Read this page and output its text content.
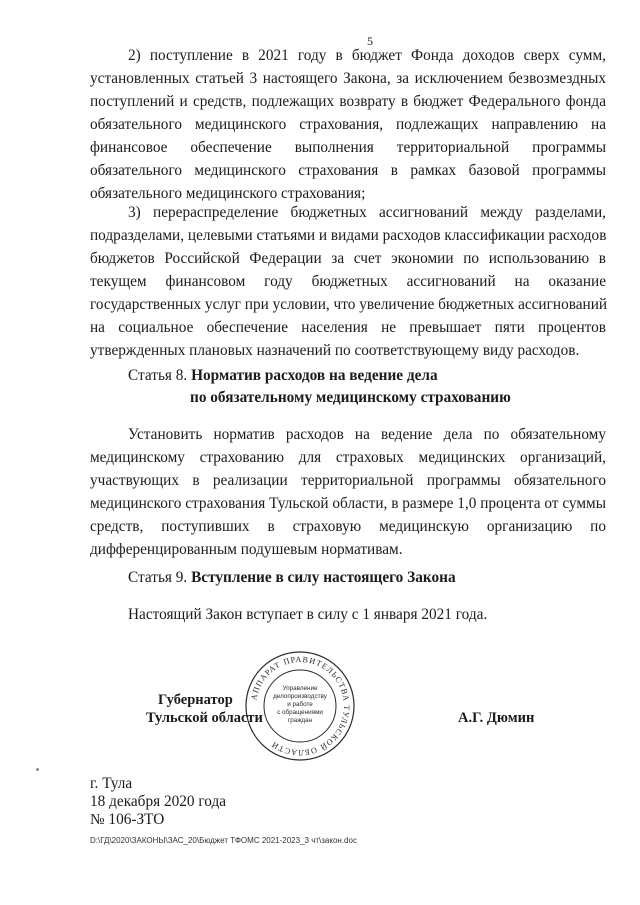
5
2) поступление в 2021 году в бюджет Фонда доходов сверх сумм,
установленных статьей 3 настоящего Закона, за исключением безвозмездных
поступлений и средств, подлежащих возврату в бюджет Федерального фонда
обязательного медицинского страхования, подлежащих направлению на
финансовое обеспечение выполнения территориальной программы
обязательного медицинского страхования в рамках базовой программы
обязательного медицинского страхования;
3) перераспределение бюджетных ассигнований между разделами,
подразделами, целевыми статьями и видами расходов классификации расходов
бюджетов Российской Федерации за счет экономии по использованию в
текущем финансовом году бюджетных ассигнований на оказание
государственных услуг при условии, что увеличение бюджетных ассигнований
на социальное обеспечение населения не превышает пяти процентов
утвержденных плановых назначений по соответствующему виду расходов.
Статья 8. Норматив расходов на ведение дела
по обязательному медицинскому страхованию
Установить норматив расходов на ведение дела по обязательному
медицинскому страхованию для страховых медицинских организаций,
участвующих в реализации территориальной программы обязательного
медицинского страхования Тульской области, в размере 1,0 процента от суммы
средств, поступивших в страховую медицинскую организацию по
дифференцированным подушевым нормативам.
Статья 9. Вступление в силу настоящего Закона
Настоящий Закон вступает в силу с 1 января 2021 года.
АППАРАТ ПРАВИТЕЛЬСТВА ТУЛЬСКОЙ ОБЛАСТИ
Управление
делопроизводству
и работе
с обращениями
граждан
Губернатор
Тульской области	А.Г. Дюмин
г. Тула
18 декабря 2020 года
№ 106-ЗТО
D:\ГД\2020\ЗАКОНЫ\ЗАС_20\Бюджет ТФОМС 2021-2023_3 чт\закон.doc
